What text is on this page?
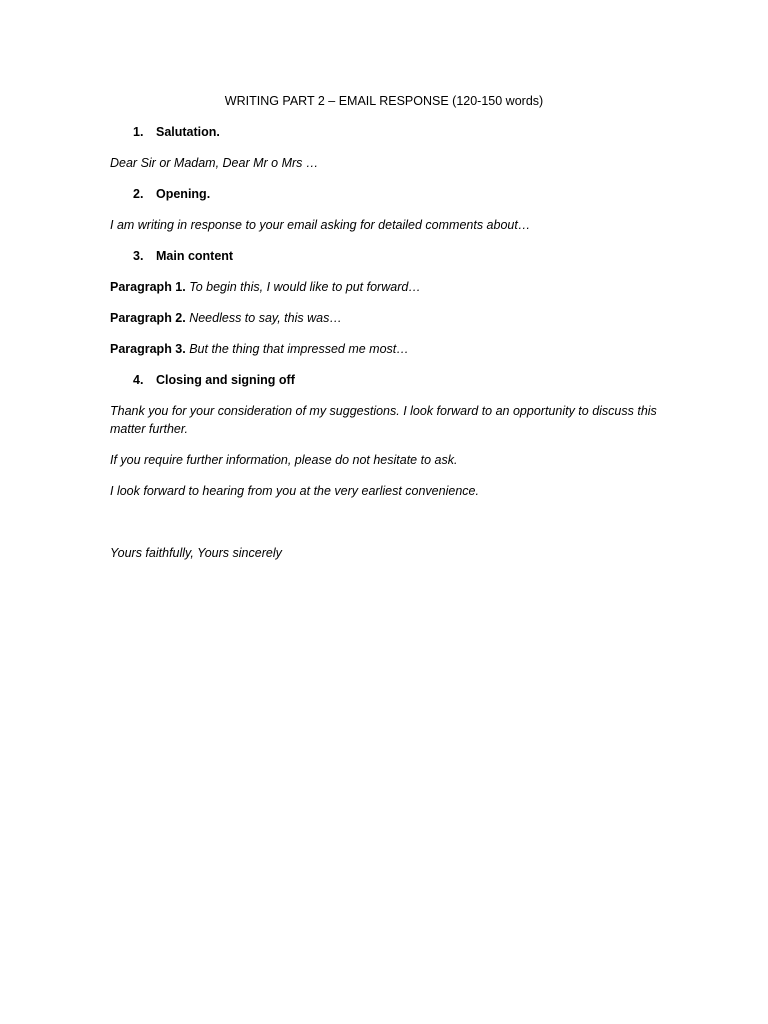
WRITING PART 2 – EMAIL RESPONSE (120-150 words)
1. Salutation.
Dear Sir or Madam, Dear Mr o Mrs …
2. Opening.
I am writing in response to your email asking for detailed comments about…
3. Main content
Paragraph 1. To begin this, I would like to put forward…
Paragraph 2. Needless to say, this was…
Paragraph 3. But the thing that impressed me most…
4. Closing and signing off
Thank you for your consideration of my suggestions. I look forward to an opportunity to discuss this matter further.
If you require further information, please do not hesitate to ask.
I look forward to hearing from you at the very earliest convenience.
Yours faithfully, Yours sincerely
